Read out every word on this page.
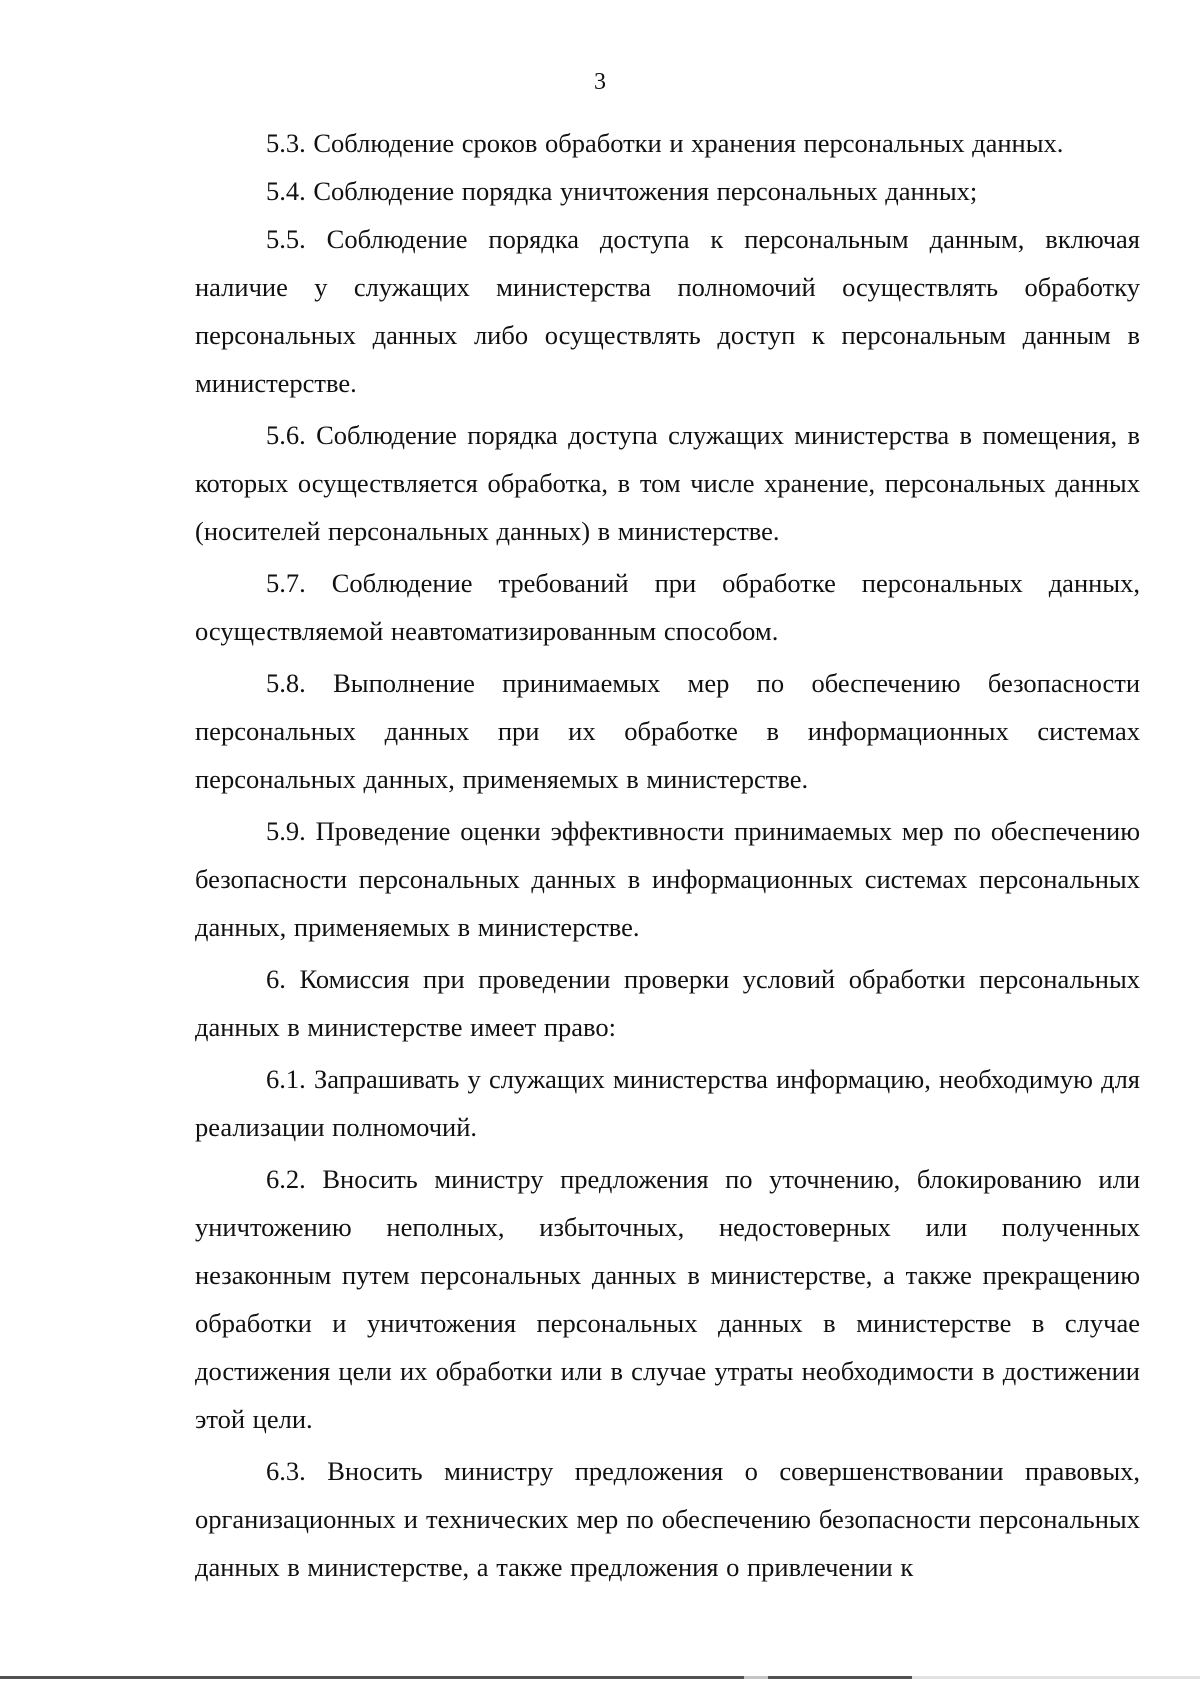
3

5.3. Соблюдение сроков обработки и хранения персональных данных.

5.4. Соблюдение порядка уничтожения персональных данных;

5.5. Соблюдение порядка доступа к персональным данным, включая наличие у служащих министерства полномочий осуществлять обработку персональных данных либо осуществлять доступ к персональным данным в министерстве.

5.6. Соблюдение порядка доступа служащих министерства в помещения, в которых осуществляется обработка, в том числе хранение, персональных данных (носителей персональных данных) в министерстве.

5.7. Соблюдение требований при обработке персональных данных, осуществляемой неавтоматизированным способом.

5.8. Выполнение принимаемых мер по обеспечению безопасности персональных данных при их обработке в информационных системах персональных данных, применяемых в министерстве.

5.9. Проведение оценки эффективности принимаемых мер по обеспечению безопасности персональных данных в информационных системах персональных данных, применяемых в министерстве.

6. Комиссия при проведении проверки условий обработки персональных данных в министерстве имеет право:

6.1. Запрашивать у служащих министерства информацию, необходимую для реализации полномочий.

6.2. Вносить министру предложения по уточнению, блокированию или уничтожению неполных, избыточных, недостоверных или полученных незаконным путем персональных данных в министерстве, а также прекращению обработки и уничтожения персональных данных в министерстве в случае достижения цели их обработки или в случае утраты необходимости в достижении этой цели.

6.3. Вносить министру предложения о совершенствовании правовых, организационных и технических мер по обеспечению безопасности персональных данных в министерстве, а также предложения о привлечении к
